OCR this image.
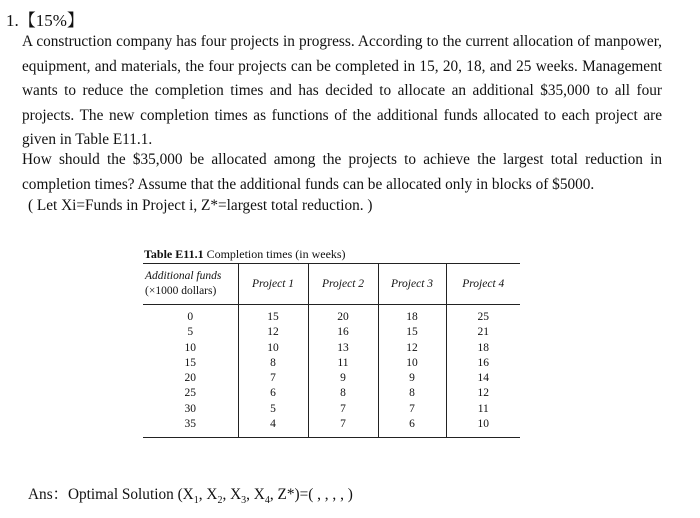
1.【15%】
A construction company has four projects in progress. According to the current allocation of manpower, equipment, and materials, the four projects can be completed in 15, 20, 18, and 25 weeks. Management wants to reduce the completion times and has decided to allocate an additional $35,000 to all four projects. The new completion times as functions of the additional funds allocated to each project are given in Table E11.1.
How should the $35,000 be allocated among the projects to achieve the largest total reduction in completion times? Assume that the additional funds can be allocated only in blocks of $5000.
( Let Xi=Funds in Project i, Z*=largest total reduction. )
Table E11.1 Completion times (in weeks)
Additional funds
(×1000 dollars)	Project 1	Project 2	Project 3	Project 4
0	15	20	18	25
5	12	16	15	21
10	10	13	12	18
15	8	11	10	16
20	7	9	9	14
25	6	8	8	12
30	5	7	7	11
35	4	7	6	10
Ans：Optimal Solution ($X_1$, $X_2$, $X_3$, $X_4$, Z*)=( , , , , )
